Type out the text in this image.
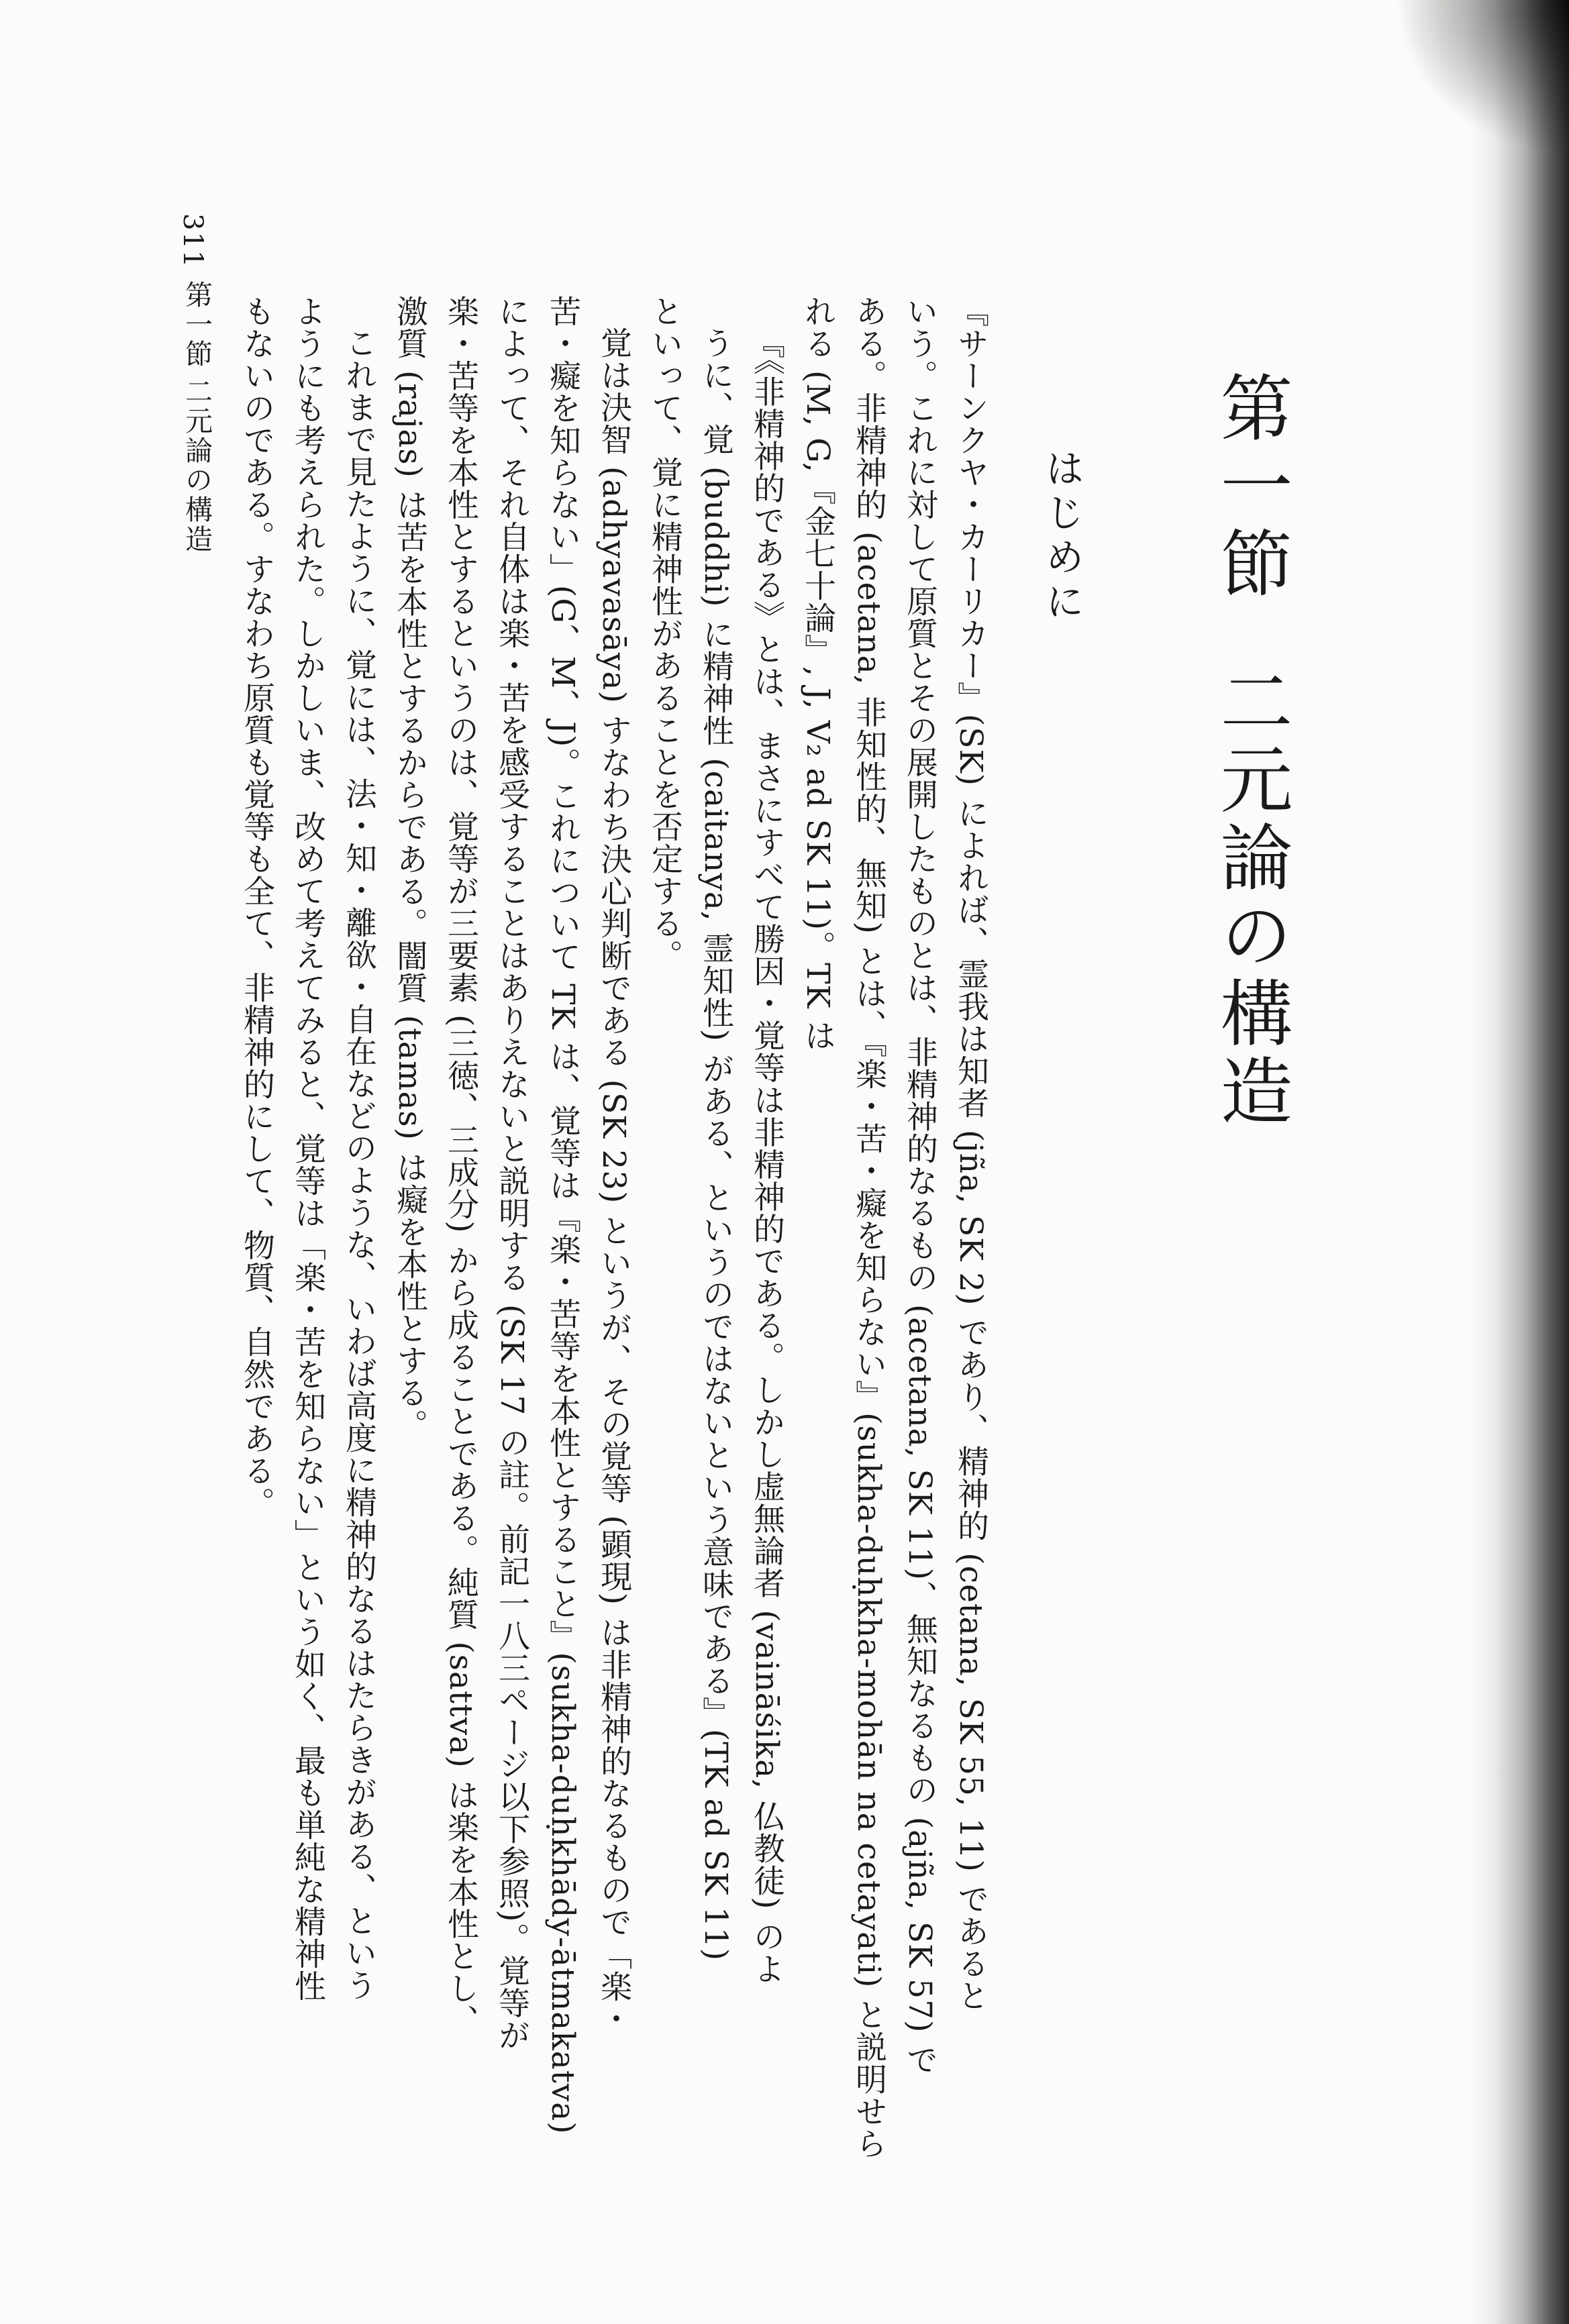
311
第一節
二元論の構造	第一節二元論の構造
はじめに
『サーンクヤ・カーリカー』(SK) によれば、霊我は知者 (jña, SK 2) であり、精神的 (cetana, SK 55, 11) であると
いう。これに対して原質とその展開したものとは、非精神的なるもの (acetana, SK 11)、無知なるもの (ajña, SK 57) で
ある。非精神的 (acetana, 非知性的、無知) とは、『楽・苦・癡を知らない』(sukha-duḥkha-mohān na cetayati) と説明せら
れる (M, G,『金七十論』, J, V₂ ad SK 11)。TK は
『《非精神的である》とは、まさにすべて勝因・覚等は非精神的である。しかし虚無論者 (vaināśika, 仏教徒) のよ
うに、覚 (buddhi) に精神性 (caitanya, 霊知性) がある、というのではないという意味である』(TK ad SK 11)
といって、覚に精神性があることを否定する。
覚は決智 (adhyavasāya) すなわち決心判断である (SK 23) というが、その覚等 (顕現) は非精神的なるもので「楽・
苦・癡を知らない」(G、M、J)。これについて TK は、覚等は『楽・苦等を本性とすること』(sukha-duḥkhādy-ātmakatva)
によって、それ自体は楽・苦を感受することはありえないと説明する (SK 17 の註。前記一八三ページ以下参照)。覚等が
楽・苦等を本性とするというのは、覚等が三要素 (三徳、三成分) から成ることである。純質 (sattva) は楽を本性とし、
激質 (rajas) は苦を本性とするからである。闇質 (tamas) は癡を本性とする。
これまで見たように、覚には、法・知・離欲・自在などのような、いわば高度に精神的なるはたらきがある、という
ようにも考えられた。しかしいま、改めて考えてみると、覚等は「楽・苦を知らない」という如く、最も単純な精神性
もないのである。すなわち原質も覚等も全て、非精神的にして、物質、自然である。
